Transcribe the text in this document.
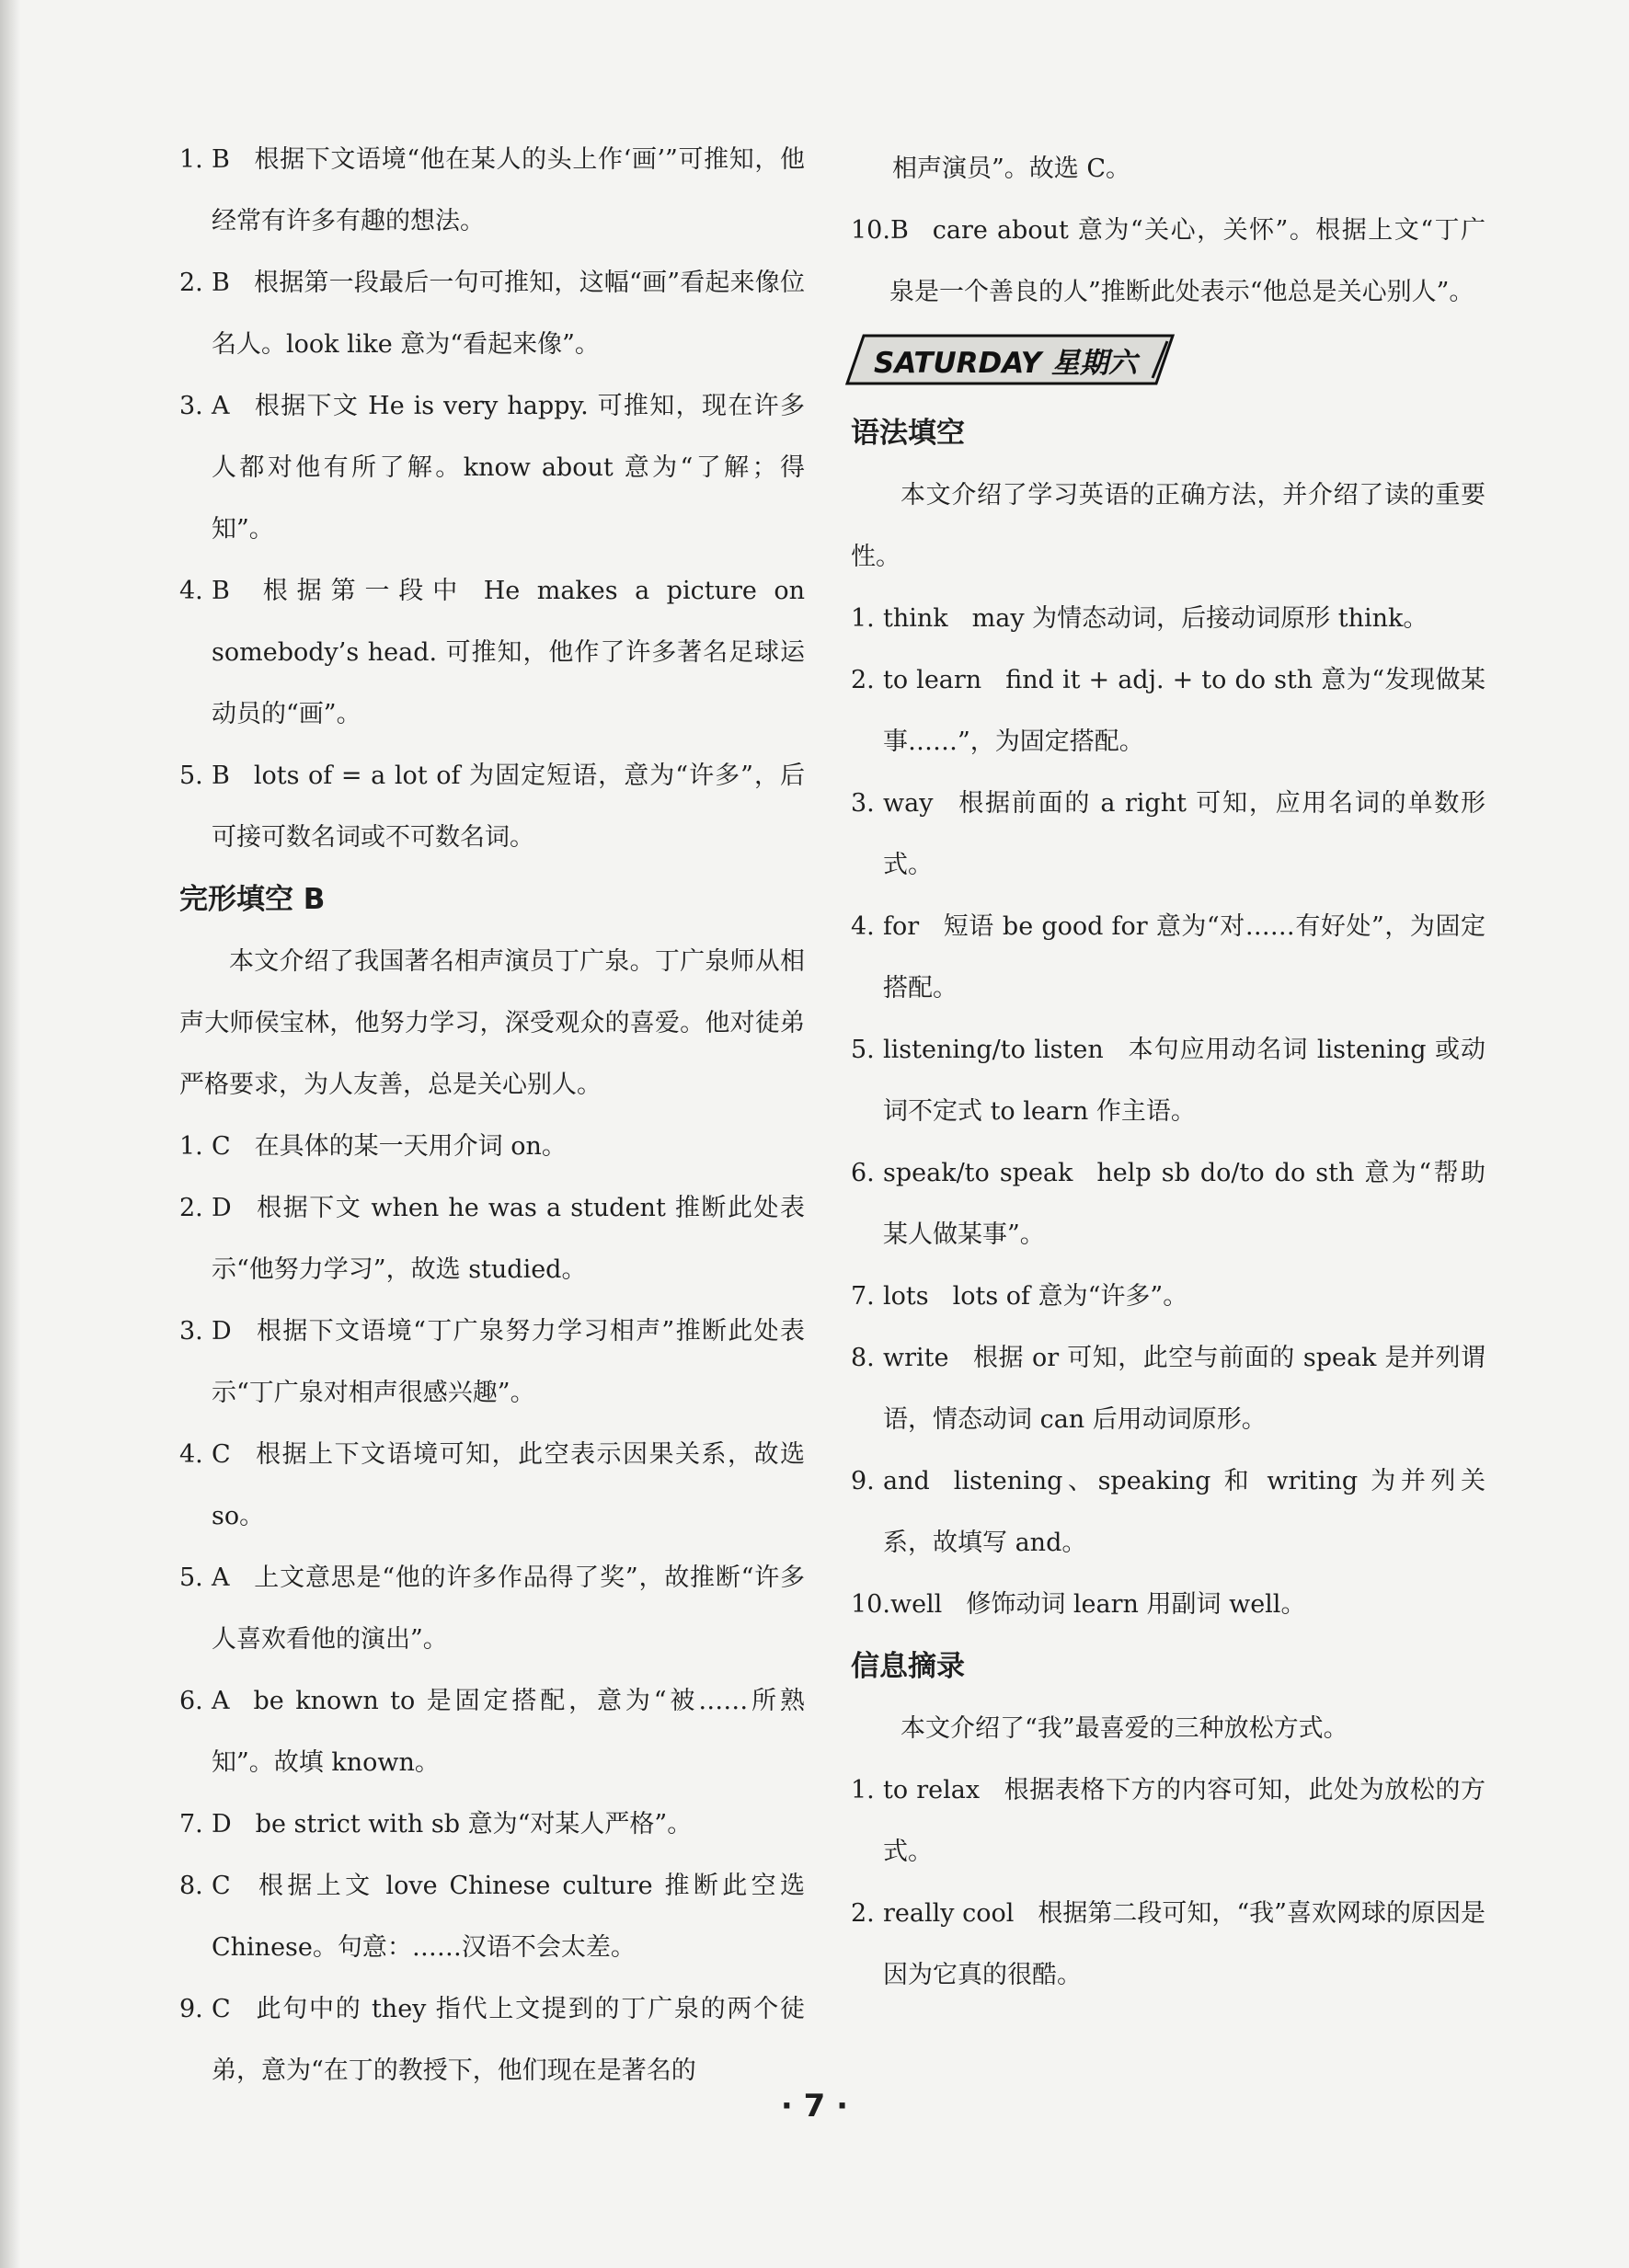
1. B 根据下文语境“他在某人的头上作‘画’”可推知，他经常有许多有趣的想法。

2. B 根据第一段最后一句可推知，这幅“画”看起来像位名人。look like 意为“看起来像”。

3. A 根据下文 He is very happy. 可推知，现在许多人都对他有所了解。know about 意为“了解；得知”。

4. B 根据第一段中 He makes a picture on somebody’s head. 可推知，他作了许多著名足球运动员的“画”。

5. B lots of = a lot of 为固定短语，意为“许多”，后可接可数名词或不可数名词。

完形填空 B

本文介绍了我国著名相声演员丁广泉。丁广泉师从相声大师侯宝林，他努力学习，深受观众的喜爱。他对徒弟严格要求，为人友善，总是关心别人。

1. C 在具体的某一天用介词 on。

2. D 根据下文 when he was a student 推断此处表示“他努力学习”，故选 studied。

3. D 根据下文语境“丁广泉努力学习相声”推断此处表示“丁广泉对相声很感兴趣”。

4. C 根据上下文语境可知，此空表示因果关系，故选 so。

5. A 上文意思是“他的许多作品得了奖”，故推断“许多人喜欢看他的演出”。

6. A be known to 是固定搭配，意为“被……所熟知”。故填 known。

7. D be strict with sb 意为“对某人严格”。

8. C 根据上文 love Chinese culture 推断此空选 Chinese。句意：……汉语不会太差。

9. C 此句中的 they 指代上文提到的丁广泉的两个徒弟，意为“在丁的教授下，他们现在是著名的

相声演员”。故选 C。

10.B care about 意为“关心，关怀”。根据上文“丁广泉是一个善良的人”推断此处表示“他总是关心别人”。

SATURDAY 星期六
语法填空

本文介绍了学习英语的正确方法，并介绍了读的重要性。

1. think may 为情态动词，后接动词原形 think。

2. to learn find it + adj. + to do sth 意为“发现做某事……”，为固定搭配。

3. way 根据前面的 a right 可知，应用名词的单数形式。

4. for 短语 be good for 意为“对……有好处”，为固定搭配。

5. listening/to listen 本句应用动名词 listening 或动词不定式 to learn 作主语。

6. speak/to speak help sb do/to do sth 意为“帮助某人做某事”。

7. lots lots of 意为“许多”。

8. write 根据 or 可知，此空与前面的 speak 是并列谓语，情态动词 can 后用动词原形。

9. and listening、speaking 和 writing 为并列关系，故填写 and。

10.well 修饰动词 learn 用副词 well。

信息摘录

本文介绍了“我”最喜爱的三种放松方式。

1. to relax 根据表格下方的内容可知，此处为放松的方式。

2. really cool 根据第二段可知，“我”喜欢网球的原因是因为它真的很酷。

· 7 ·
